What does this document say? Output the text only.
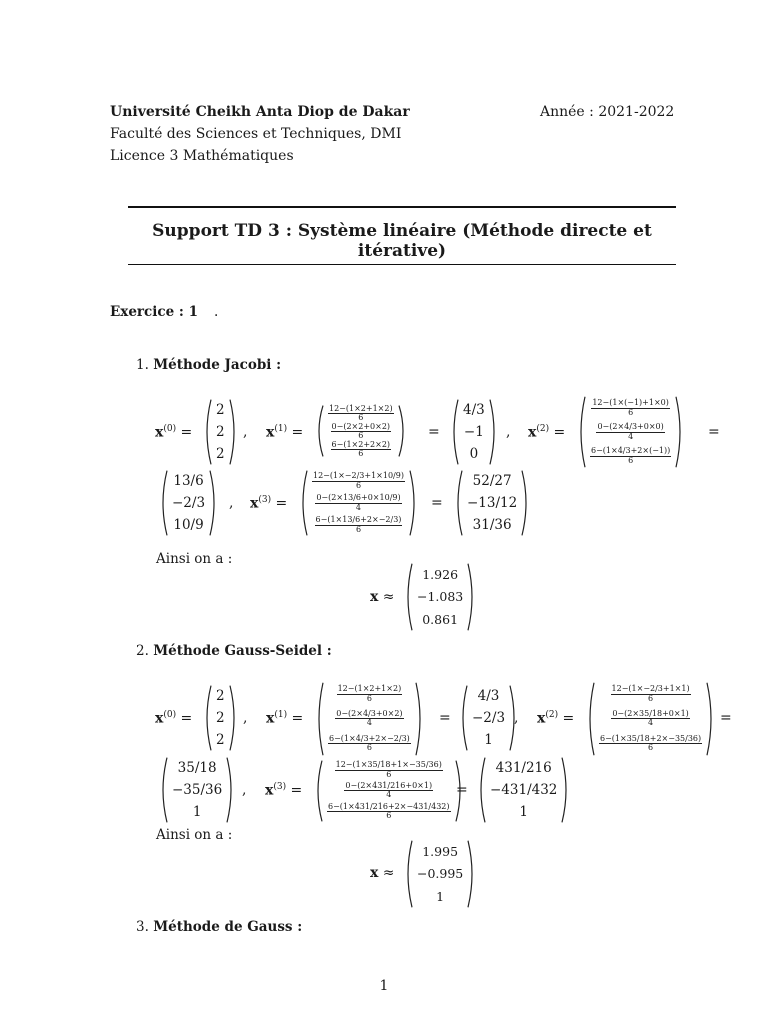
Université Cheikh Anta Diop de Dakar	Année : 2021-2022
Faculté des Sciences et Techniques, DMI
Licence 3 Mathématiques
Support TD 3 : Système linéaire (Méthode directe et itérative)
Exercice : 1 .
1. Méthode Jacobi :
$x^{(0)}$ =
2
2
2
, $x^{(1)}$ =
$\frac{12-(1\times 2+1\times 2)}{6}$
$\frac{0-(2\times 2+0\times 2)}{6}$
$\frac{6-(1\times 2+2\times 2)}{6}$
=
4/3
−1
0
, $x^{(2)}$ =
$\frac{12-(1\times(-1)+1\times 0)}{6}$
$\frac{0-(2\times 4/3+0\times 0)}{4}$
$\frac{6-(1\times 4/3+2\times(-1))}{6}$
=
13/6
−2/3
10/9
, $x^{(3)}$ =
$\frac{12-(1\times-2/3+1\times 10/9)}{6}$
$\frac{0-(2\times 13/6+0\times 10/9)}{4}$
$\frac{6-(1\times 13/6+2\times-2/3)}{6}$
=
52/27
−13/12
31/36
Ainsi on a :
x ≈
1.926
−1.083
0.861
2. Méthode Gauss-Seidel :
$x^{(0)}$ =
2
2
2
, $x^{(1)}$ =
$\frac{12-(1\times 2+1\times 2)}{6}$
$\frac{0-(2\times 4/3+0\times 2)}{4}$
$\frac{6-(1\times 4/3+2\times-2/3)}{6}$
=
4/3
−2/3
1
, $x^{(2)}$ =
$\frac{12-(1\times-2/3+1\times 1)}{6}$
$\frac{0-(2\times 35/18+0\times 1)}{4}$
$\frac{6-(1\times 35/18+2\times-35/36)}{6}$
=
35/18
−35/36
1
, $x^{(3)}$ =
$\frac{12-(1\times 35/18+1\times-35/36)}{6}$
$\frac{0-(2\times 431/216+0\times 1)}{4}$
$\frac{6-(1\times 431/216+2\times-431/432)}{6}$
=
431/216
−431/432
1
Ainsi on a :
x ≈
1.995
−0.995
1
3. Méthode de Gauss :
1
